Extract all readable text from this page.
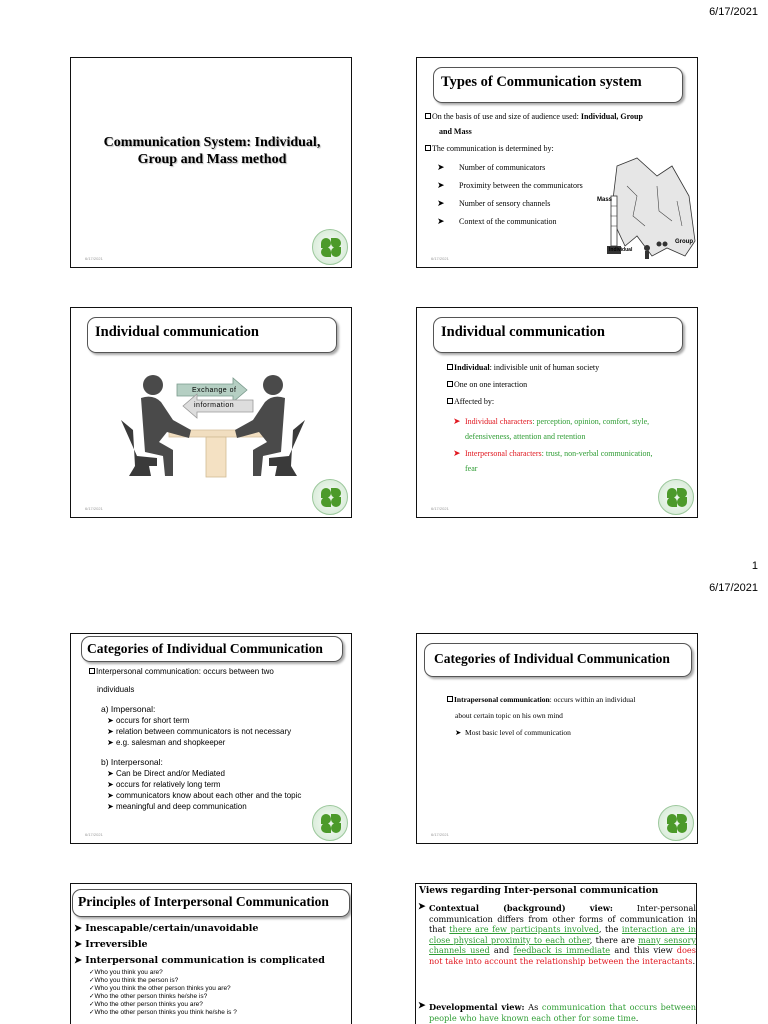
6/17/2021
Communication System: Individual,
Group and Mass method
6/17/2021
Types of Communication system
On the basis of use and size of audience used: Individual, Group
and Mass
The communication is determined by:
➤ Number of communicators
➤ Proximity between the communicators
➤ Number of sensory channels
➤ Context of the communication
Mass
Group
Individual
6/17/2021
Individual communication
Exchange of
information
6/17/2021
Individual communication
Individual: indivisible unit of human society
One on one interaction
Affected by:
➤ Individual characters: perception, opinion, comfort, style,
defensiveness, attention and retention
➤ Interpersonal characters: trust, non-verbal communication,
fear
6/17/2021
1
6/17/2021
Categories of Individual Communication
Interpersonal communication: occurs between two
individuals
a) Impersonal:
➤ occurs for short term
➤ relation between communicators is not necessary
➤ e.g. salesman and shopkeeper
b) Interpersonal:
➤ Can be Direct and/or Mediated
➤ occurs for relatively long term
➤ communicators know about each other and the topic
➤ meaningful and deep communication
6/17/2021
Categories of Individual Communication
Intrapersonal communication: occurs within an individual
about certain topic on his own mind
➤  Most basic level of communication
6/17/2021
Principles of Interpersonal Communication
➤ Inescapable/certain/unavoidable
➤ Irreversible
➤ Interpersonal communication is complicated
✓Who you think you are?
✓Who you think the person is?
✓Who you think the other person thinks you are?
✓Who the other person thinks he/she is?
✓Who the other person thinks you are?
✓Who the other person thinks you think he/she is ?
Views regarding Inter-personal communication
➤ Contextual (background) view: Inter-personal communication differs from other forms of communication in that there are few participants involved, the interaction are in close physical proximity to each other, there are many sensory channels used and feedback is immediate and this view does not take into account the relationship between the interactants.
➤ Developmental view: As communication that occurs between people who have known each other for some time.
